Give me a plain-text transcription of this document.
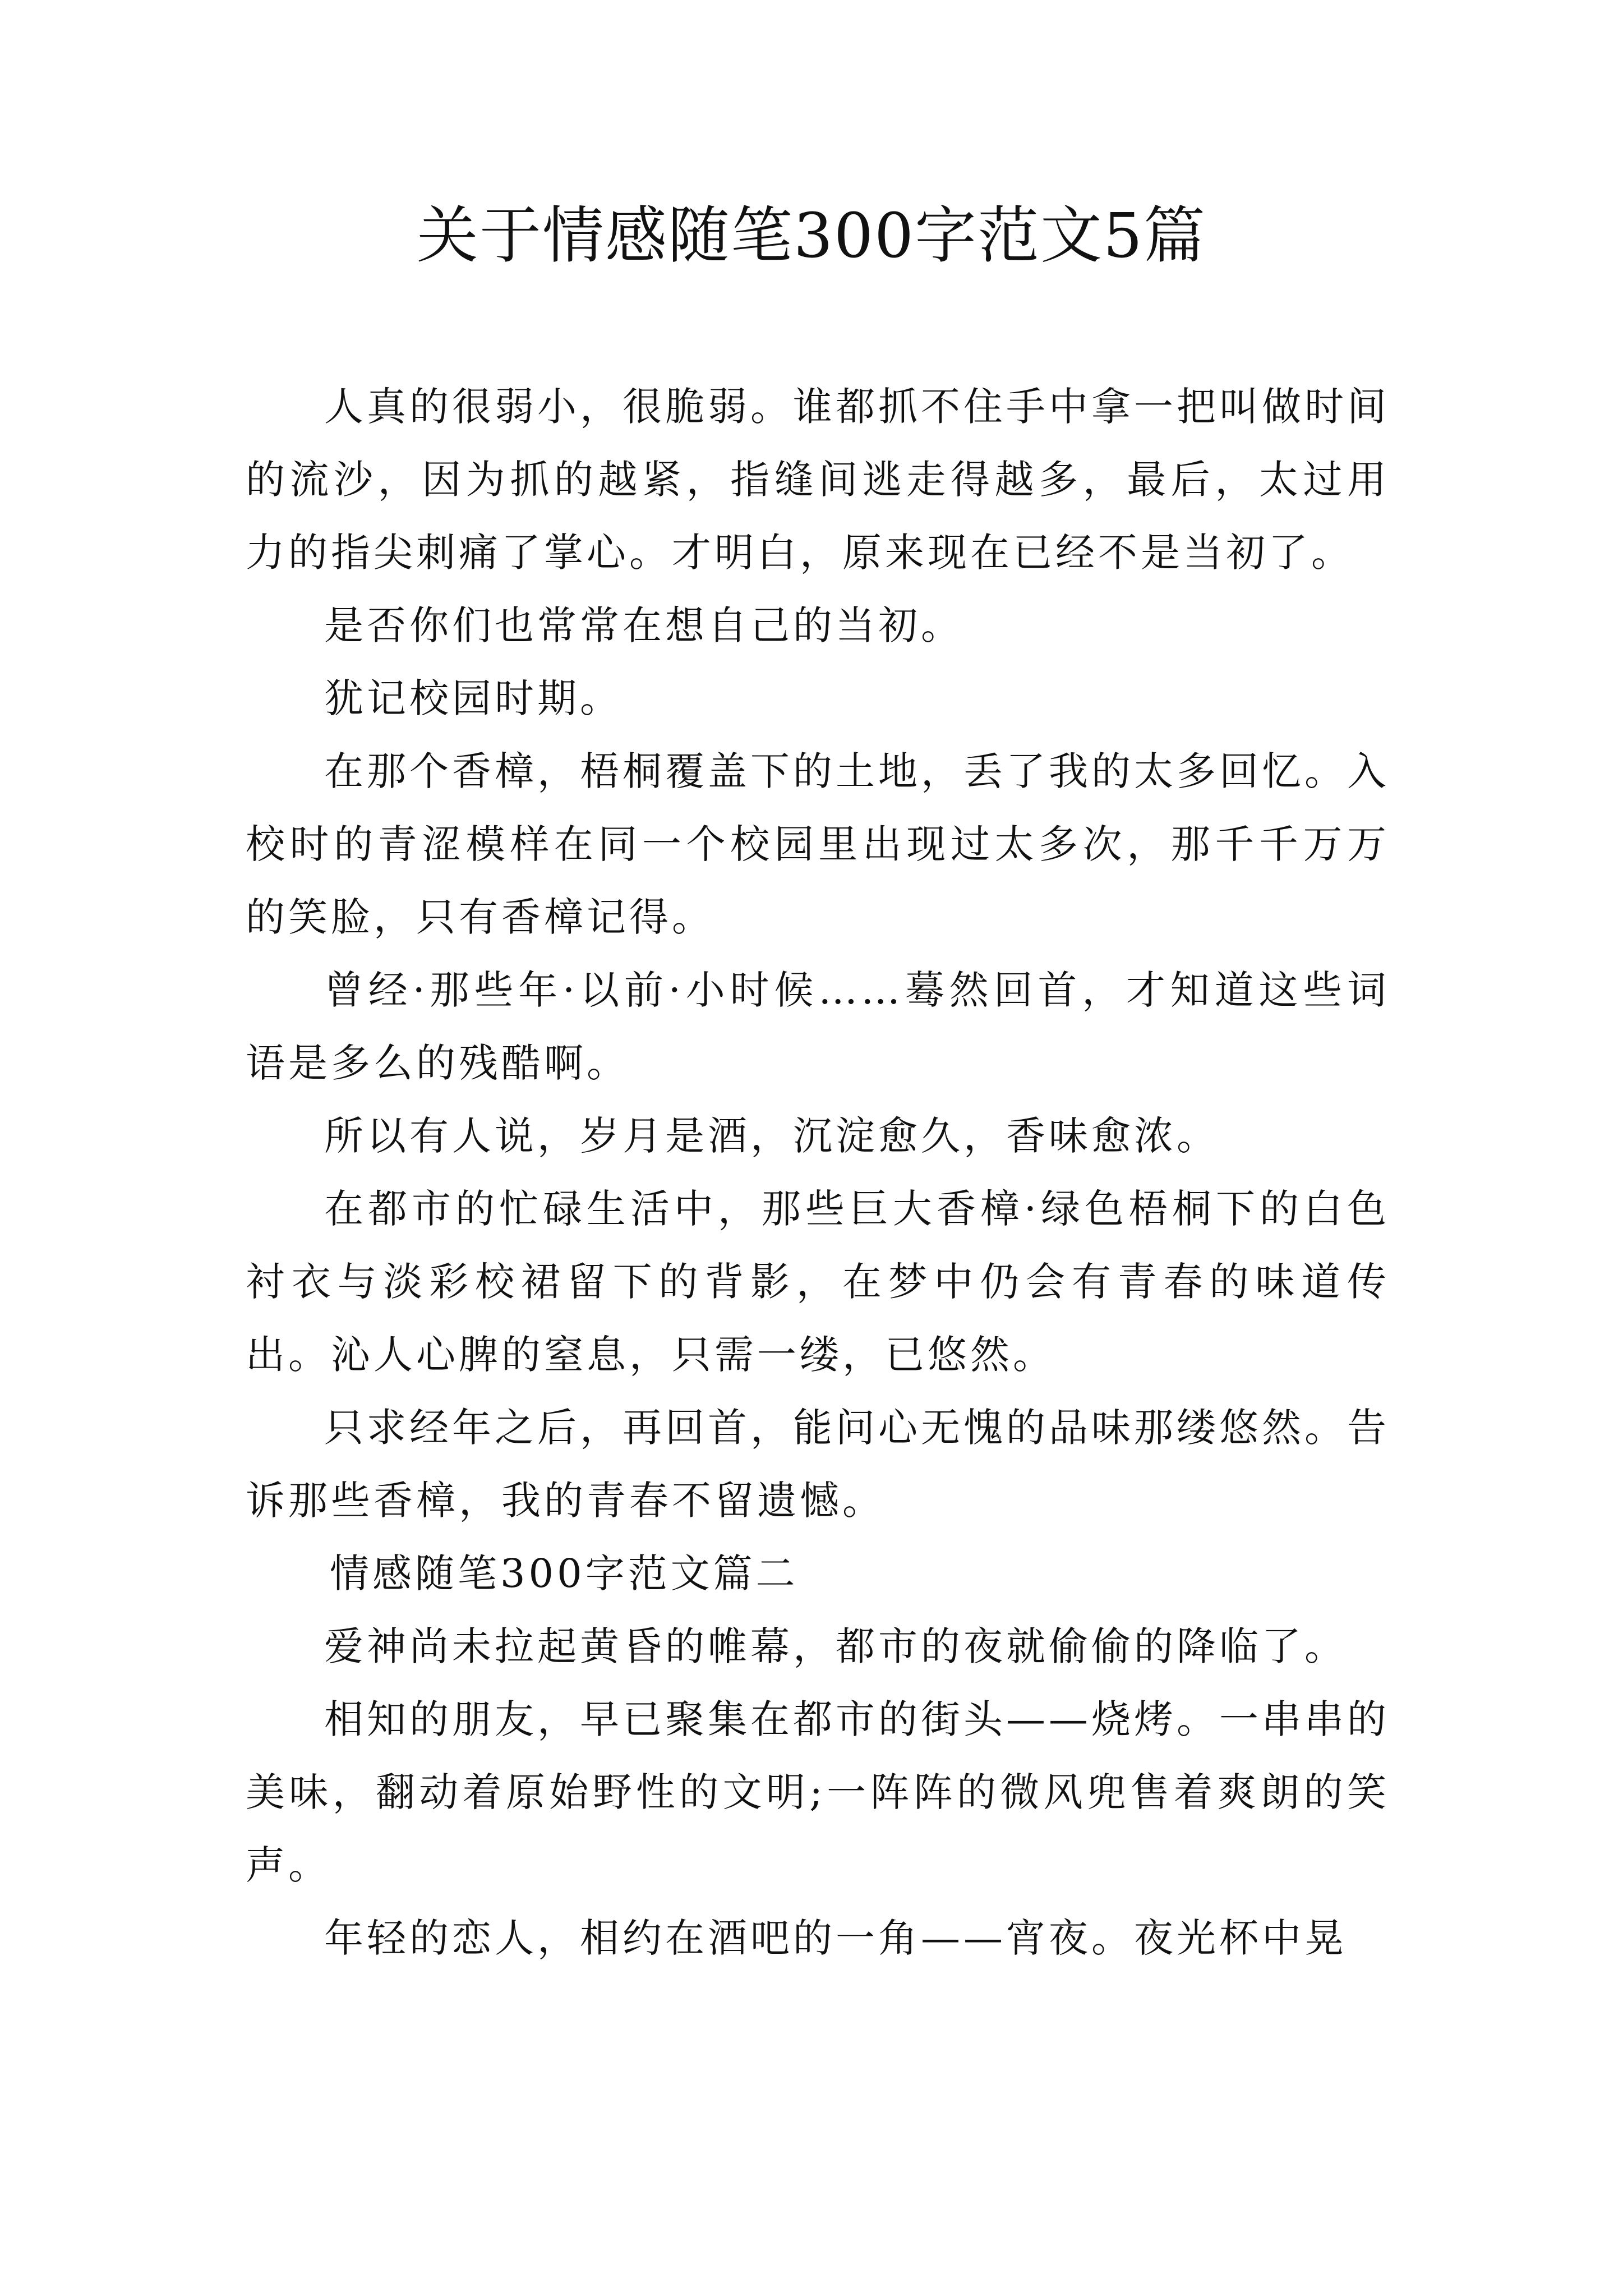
关于情感随笔300字范文5篇

人真的很弱小，很脆弱。谁都抓不住手中拿一把叫做时间的流沙，因为抓的越紧，指缝间逃走得越多，最后，太过用力的指尖刺痛了掌心。才明白，原来现在已经不是当初了。

是否你们也常常在想自己的当初。

犹记校园时期。

在那个香樟，梧桐覆盖下的土地，丢了我的太多回忆。入校时的青涩模样在同一个校园里出现过太多次，那千千万万的笑脸，只有香樟记得。

曾经·那些年·以前·小时候……蓦然回首，才知道这些词语是多么的残酷啊。

所以有人说，岁月是酒，沉淀愈久，香味愈浓。

在都市的忙碌生活中，那些巨大香樟·绿色梧桐下的白色衬衣与淡彩校裙留下的背影，在梦中仍会有青春的味道传出。沁人心脾的窒息，只需一缕，已悠然。

只求经年之后，再回首，能问心无愧的品味那缕悠然。告诉那些香樟，我的青春不留遗憾。

情感随笔300字范文篇二

爱神尚未拉起黄昏的帷幕，都市的夜就偷偷的降临了。

相知的朋友，早已聚集在都市的街头——烧烤。一串串的美味，翻动着原始野性的文明;一阵阵的微风兜售着爽朗的笑声。

年轻的恋人，相约在酒吧的一角——宵夜。夜光杯中晃
